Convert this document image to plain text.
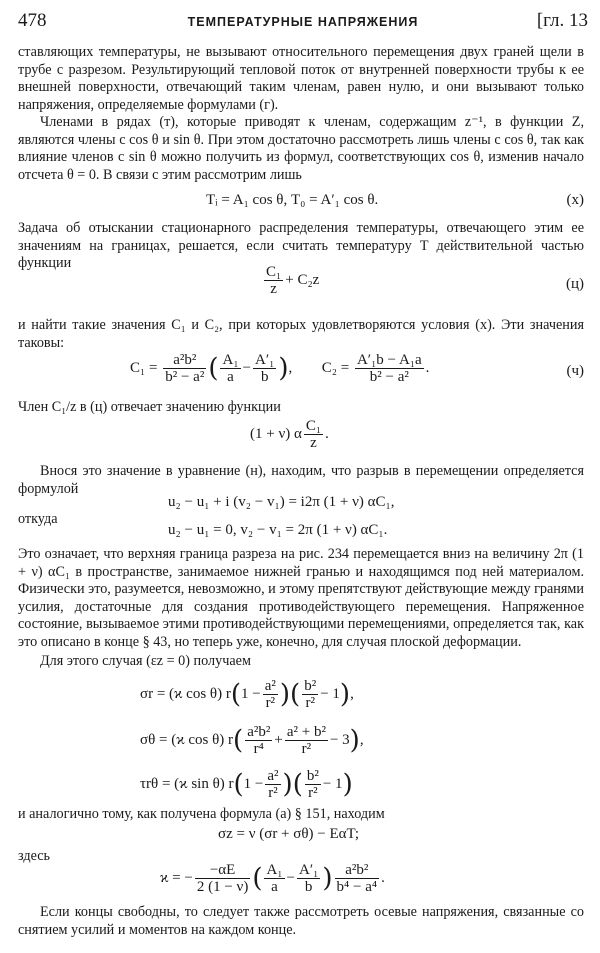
478	ТЕМПЕРАТУРНЫЕ НАПРЯЖЕНИЯ	[гл. 13
ставляющих температуры, не вызывают относительного перемещения двух граней щели в трубе с разрезом. Результирующий тепловой поток от внутренней поверхности трубы к ее внешней поверхности, отвечающий таким членам, равен нулю, и они вызывают только напряжения, определяемые формулами (г).
Членами в рядах (т), которые приводят к членам, содержащим z⁻¹, в функции Z, являются члены с cos θ и sin θ. При этом достаточно рассмотреть лишь члены с cos θ, так как влияние членов с sin θ можно получить из формул, соответствующих cos θ, изменив начало отсчета θ = 0. В связи с этим рассмотрим лишь
Tᵢ = A₁ cos θ, T₀ = A′₁ cos θ.	(х)
Задача об отыскании стационарного распределения температуры, отвечающего этим ее значениям на границах, решается, если считать температуру T действительной частью функции
$\frac{\text{C₁}}{z} + C_2z$	(ц)
и найти такие значения C₁ и C₂, при которых удовлетворяются условия (х). Эти значения таковы:
$C_1 = \frac{\text{a²b²}}{\text{b² − a²}}$ ( $\frac{\text{A₁}}{a} - \frac{\text{A′₁}}{b}$ ), $C_2 = \frac{\text{A′₁b − A₁a}}{\text{b² − a²}}$ .	(ч)
Член C₁/z в (ц) отвечает значению функции
(1 + ν) α $\frac{\text{C₁}}{z}$ .
Внося это значение в уравнение (н), находим, что разрыв в перемещении определяется формулой
u₂ − u₁ + i (v₂ − v₁) = i2π (1 + ν) αC₁,
откуда
u₂ − u₁ = 0, v₂ − v₁ = 2π (1 + ν) αC₁.
Это означает, что верхняя граница разреза на рис. 234 перемещается вниз на величину 2π (1 + ν) αC₁ в пространстве, занимаемое нижней гранью и находящимся под ней материалом. Физически это, разумеется, невозможно, и этому препятствуют действующие между гранями усилия, достаточные для создания противодействующего перемещения. Напряженное состояние, вызываемое этими противодействующими перемещениями, определяется так, как это описано в конце § 43, но теперь уже, конечно, для случая плоской деформации.
Для этого случая (εz = 0) получаем
σr = (ϰ cos θ) $r(1 - \frac{\text{a²}}{\text{r²}}$ )( $\frac{\text{b²}}{\text{r²}} - 1$),
σθ = (ϰ cos θ) $r( \frac{\text{a²b²}}{\text{r⁴}} + \frac{\text{a² + b²}}{\text{r²}} - 3)$,
τrθ = (ϰ sin θ) $r(1 - \frac{\text{a²}}{\text{r²}}$ )( $\frac{\text{b²}}{\text{r²}} - 1$)
и аналогично тому, как получена формула (а) § 151, находим
σz = ν (σr + σθ) − EαT;
здесь
ϰ = − $\frac{-\alpha E}{2 (1 - \nu)}$ ( $\frac{\text{A₁}}{a} - \frac{\text{A′₁}}{b}$ ) $\frac{\text{a²b²}}{\text{b⁴ − a⁴}}$ .
Если концы свободны, то следует также рассмотреть осевые напряжения, связанные со снятием усилий и моментов на каждом конце.
